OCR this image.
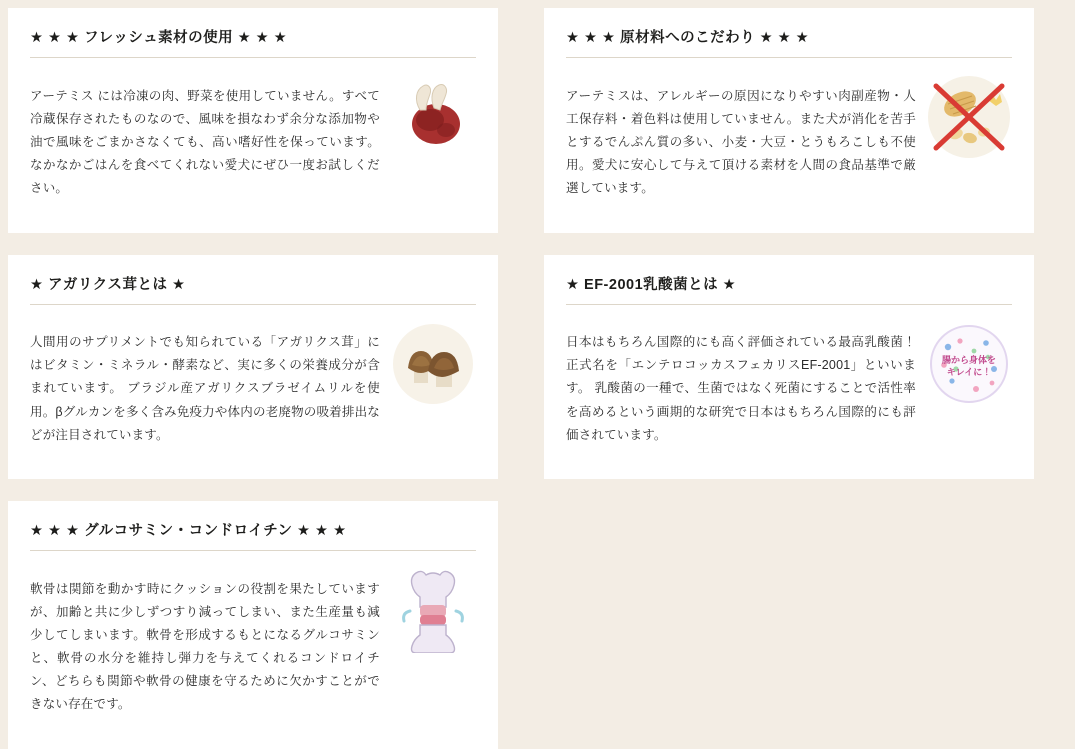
★ ★ ★ フレッシュ素材の使用 ★ ★ ★

アーテミス には冷凍の肉、野菜を使用していません。すべて冷蔵保存されたものなので、風味を損なわず余分な添加物や油で風味をごまかさなくても、高い嗜好性を保っています。なかなかごはんを食べてくれない愛犬にぜひ一度お試しください。

★ アガリクス茸とは ★

人間用のサプリメントでも知られている「アガリクス茸」にはビタミン・ミネラル・酵素など、実に多くの栄養成分が含まれています。 ブラジル産アガリクスブラゼイムリルを使用。βグルカンを多く含み免疫力や体内の老廃物の吸着排出などが注目されています。

★ ★ ★ グルコサミン・コンドロイチン ★ ★ ★

軟骨は関節を動かす時にクッションの役割を果たしていますが、加齢と共に少しずつすり減ってしまい、また生産量も減少してしまいます。軟骨を形成するもとになるグルコサミンと、軟骨の水分を維持し弾力を与えてくれるコンドロイチン、どちらも関節や軟骨の健康を守るために欠かすことができない存在です。

★ ★ ★ 原材料へのこだわり ★ ★ ★

アーテミスは、アレルギーの原因になりやすい肉副産物・人工保存料・着色料は使用していません。また犬が消化を苦手とするでんぷん質の多い、小麦・大豆・とうもろこしも不使用。愛犬に安心して与えて頂ける素材を人間の食品基準で厳選しています。

★ EF-2001乳酸菌とは ★

日本はもちろん国際的にも高く評価されている最高乳酸菌！ 正式名を「エンテロコッカスフェカリスEF-2001」といいます。 乳酸菌の一種で、生菌ではなく死菌にすることで活性率を高めるという画期的な研究で日本はもちろん国際的にも評価されています。

腸から身体を
キレイに！
